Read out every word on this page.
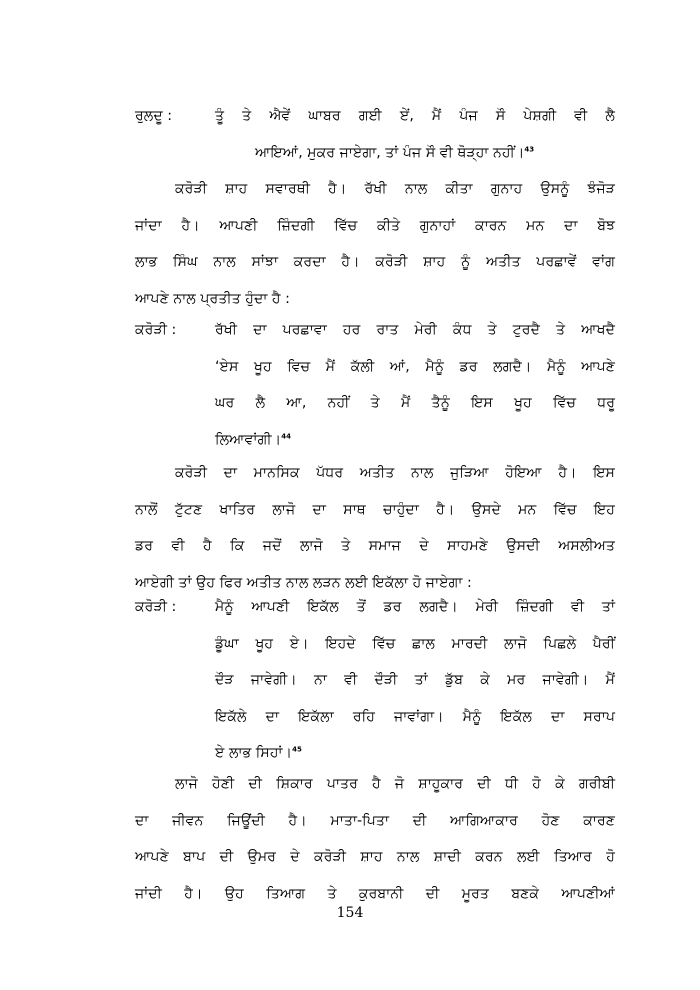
ਰੁਲਦੂ :	ਤੂੰ ਤੇ ਐਵੇਂ ਘਾਬਰ ਗਈ ਏਂ, ਮੈਂ ਪੰਜ ਸੌ ਪੇਸ਼ਗੀ ਵੀ ਲੈ
ਆਇਆਂ, ਮੁਕਰ ਜਾਏਗਾ, ਤਾਂ ਪੰਜ ਸੌ ਵੀ ਥੋੜ੍ਹਾ ਨਹੀਂ।$^{43}$
ਕਰੋੜੀ ਸ਼ਾਹ ਸਵਾਰਥੀ ਹੈ। ਰੱਖੀ ਨਾਲ ਕੀਤਾ ਗੁਨਾਹ ਉਸਨੂੰ ਝੰਜੋੜ
ਜਾਂਦਾ ਹੈ। ਆਪਣੀ ਜ਼ਿੰਦਗੀ ਵਿੱਚ ਕੀਤੇ ਗੁਨਾਹਾਂ ਕਾਰਨ ਮਨ ਦਾ ਬੋਝ
ਲਾਭ ਸਿੰਘ ਨਾਲ ਸਾਂਝਾ ਕਰਦਾ ਹੈ। ਕਰੋੜੀ ਸ਼ਾਹ ਨੂੰ ਅਤੀਤ ਪਰਛਾਵੇਂ ਵਾਂਗ
ਆਪਣੇ ਨਾਲ ਪ੍ਰਤੀਤ ਹੁੰਦਾ ਹੈ :
ਕਰੋੜੀ :	ਰੱਖੀ ਦਾ ਪਰਛਾਵਾ ਹਰ ਰਾਤ ਮੇਰੀ ਕੰਧ ਤੇ ਟੁਰਦੈ ਤੇ ਆਖਦੈ
‘ਏਸ ਖੂਹ ਵਿਚ ਮੈਂ ਕੱਲੀ ਆਂ, ਮੈਨੂੰ ਡਰ ਲਗਦੈ। ਮੈਨੂੰ ਆਪਣੇ
ਘਰ ਲੈ ਆ, ਨਹੀਂ ਤੇ ਮੈਂ ਤੈਨੂੰ ਇਸ ਖੂਹ ਵਿੱਚ ਧਰੂ
ਲਿਆਵਾਂਗੀ।$^{44}$
ਕਰੋੜੀ ਦਾ ਮਾਨਸਿਕ ਪੱਧਰ ਅਤੀਤ ਨਾਲ ਜੁੜਿਆ ਹੋਇਆ ਹੈ। ਇਸ
ਨਾਲੋਂ ਟੁੱਟਣ ਖਾਤਿਰ ਲਾਜੋ ਦਾ ਸਾਥ ਚਾਹੁੰਦਾ ਹੈ। ਉਸਦੇ ਮਨ ਵਿੱਚ ਇਹ
ਡਰ ਵੀ ਹੈ ਕਿ ਜਦੋਂ ਲਾਜੋ ਤੇ ਸਮਾਜ ਦੇ ਸਾਹਮਣੇ ਉਸਦੀ ਅਸਲੀਅਤ
ਆਏਗੀ ਤਾਂ ਉਹ ਫਿਰ ਅਤੀਤ ਨਾਲ ਲੜਨ ਲਈ ਇਕੱਲਾ ਹੋ ਜਾਏਗਾ :
ਕਰੋੜੀ :	ਮੈਨੂੰ ਆਪਣੀ ਇਕੱਲ ਤੋਂ ਡਰ ਲਗਦੈ। ਮੇਰੀ ਜ਼ਿੰਦਗੀ ਵੀ ਤਾਂ
ਡੂੰਘਾ ਖੂਹ ਏ। ਇਹਦੇ ਵਿੱਚ ਛਾਲ ਮਾਰਦੀ ਲਾਜੋ ਪਿਛਲੇ ਪੈਰੀਂ
ਦੌੜ ਜਾਵੇਗੀ। ਨਾ ਵੀ ਦੌੜੀ ਤਾਂ ਡੁੱਬ ਕੇ ਮਰ ਜਾਵੇਗੀ। ਮੈਂ
ਇਕੱਲੇ ਦਾ ਇਕੱਲਾ ਰਹਿ ਜਾਵਾਂਗਾ। ਮੈਨੂੰ ਇਕੱਲ ਦਾ ਸਰਾਪ
ਏ ਲਾਭ ਸਿਹਾਂ।$^{45}$
ਲਾਜੋ ਹੋਣੀ ਦੀ ਸ਼ਿਕਾਰ ਪਾਤਰ ਹੈ ਜੋ ਸ਼ਾਹੂਕਾਰ ਦੀ ਧੀ ਹੋ ਕੇ ਗਰੀਬੀ
ਦਾ ਜੀਵਨ ਜਿਊਂਦੀ ਹੈ। ਮਾਤਾ-ਪਿਤਾ ਦੀ ਆਗਿਆਕਾਰ ਹੋਣ ਕਾਰਣ
ਆਪਣੇ ਬਾਪ ਦੀ ਉਮਰ ਦੇ ਕਰੋੜੀ ਸ਼ਾਹ ਨਾਲ ਸ਼ਾਦੀ ਕਰਨ ਲਈ ਤਿਆਰ ਹੋ
ਜਾਂਦੀ ਹੈ। ਉਹ ਤਿਆਗ ਤੇ ਕੁਰਬਾਨੀ ਦੀ ਮੂਰਤ ਬਣਕੇ ਆਪਣੀਆਂ
154
